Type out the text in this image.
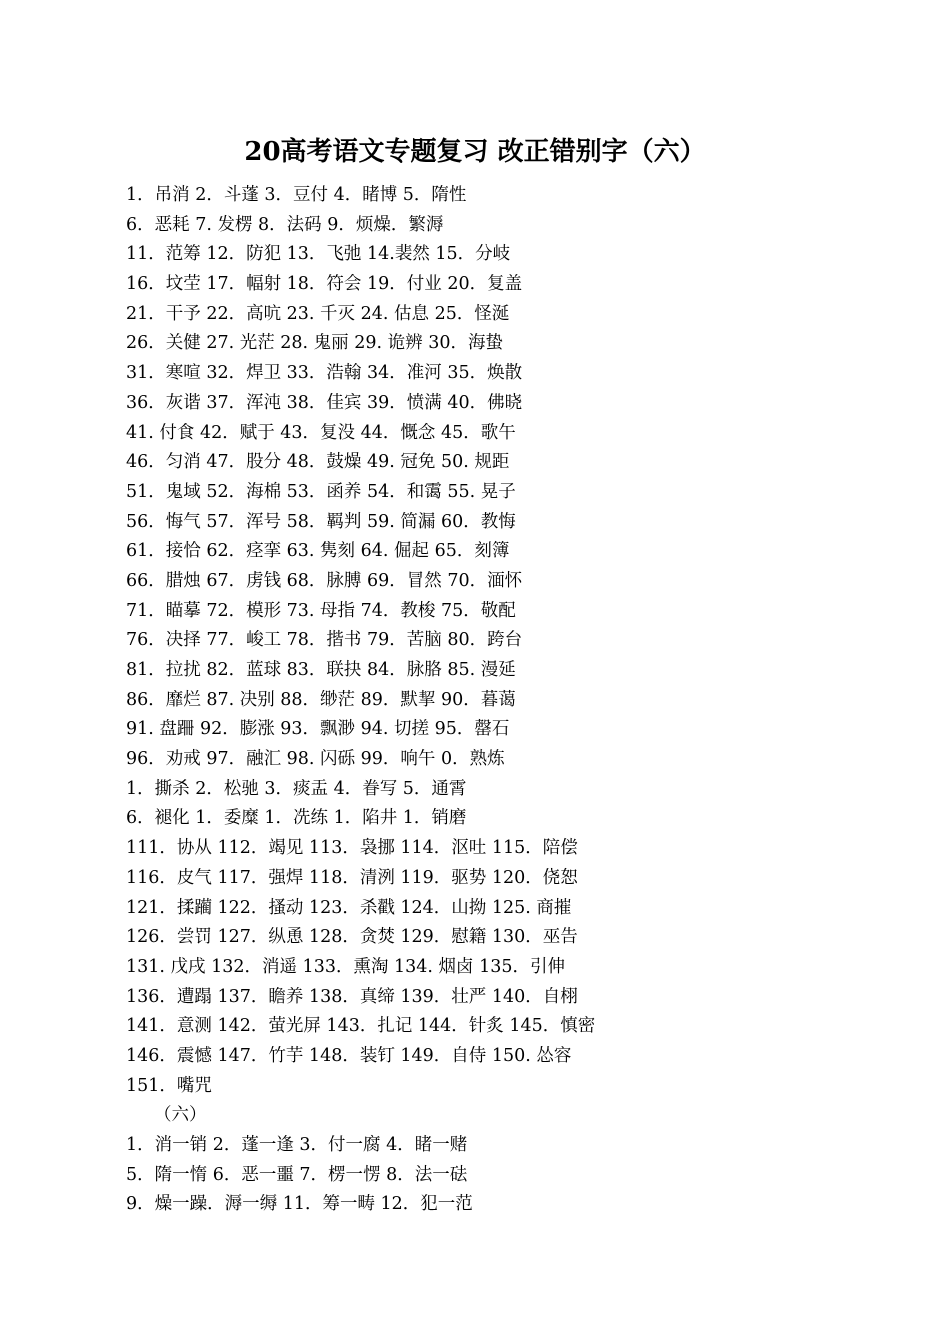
20高考语文专题复习 改正错别字（六）
1．吊消 2．斗蓬 3．豆付 4．睹博 5．隋性
6．恶耗 7. 发楞 8．法码 9．烦燥．繁溽
11．范筹 12．防犯 13．飞弛 14.裴然 15．分岐
16．坟茔 17．幅射 18．符会 19．付业 20．复盖
21．干予 22．高吭 23. 千灭 24. 估息 25．怪涎
26．关健 27. 光茫 28. 鬼丽 29. 诡辨 30．海蛰
31．寒喧 32．焊卫 33．浩翰 34．准河 35．焕散
36．灰谐 37．浑沌 38．佳宾 39．愤满 40．佛晓
41. 付食 42．赋于 43．复没 44．慨念 45．歌午
46．匀消 47．股分 48．鼓燥 49. 冠免 50. 规距
51．鬼域 52．海棉 53．函养 54．和霭 55. 晃子
56．悔气 57．浑号 58．羁判 59. 简漏 60．教悔
61．接恰 62．痉挛 63. 隽刻 64. 倔起 65．刻簿
66．腊烛 67．虏钱 68．脉膊 69．冒然 70．湎怀
71．瞄摹 72．模形 73. 母指 74．教梭 75．敬配
76．决择 77．峻工 78．揩书 79．苦脑 80．跨台
81．拉扰 82．蓝球 83．联抉 84．脉胳 85. 漫延
86．靡烂 87. 决别 88．缈茫 89．默挈 90．暮蔼
91. 盘跚 92．膨涨 93．飘渺 94. 切搓 95．罄石
96．劝戒 97．融汇 98. 闪砾 99．响午 0．熟炼
1．撕杀 2．松驰 3．痰盂 4．眷写 5．通霄
6．褪化 1．委糜 1．冼练 1．陷井 1．销磨
111．协从 112．竭见 113．袅挪 114．沤吐 115．陪偿
116．皮气 117．强焊 118．清洌 119．驱势 120．侥恕
121．揉躏 122．搔动 123．杀戳 124．山拗 125. 商摧
126．尝罚 127．纵恿 128．贪焚 129．慰籍 130．巫告
131. 戊戌 132．消遥 133．熏淘 134. 烟卤 135．引伸
136．遭蹋 137．瞻养 138．真缔 139．壮严 140．自栩
141．意测 142．萤光屏 143．扎记 144．针炙 145．慎密
146．震憾 147．竹芋 148．装钉 149．自侍 150. 怂容
151．嘴咒
（六）
1．消一销 2．蓬一逢 3．付一腐 4．睹一赌
5．隋一惰 6．恶一噩 7．楞一愣 8．法一砝
9．燥一躁．溽一缛 11．筹一畴 12．犯一范
